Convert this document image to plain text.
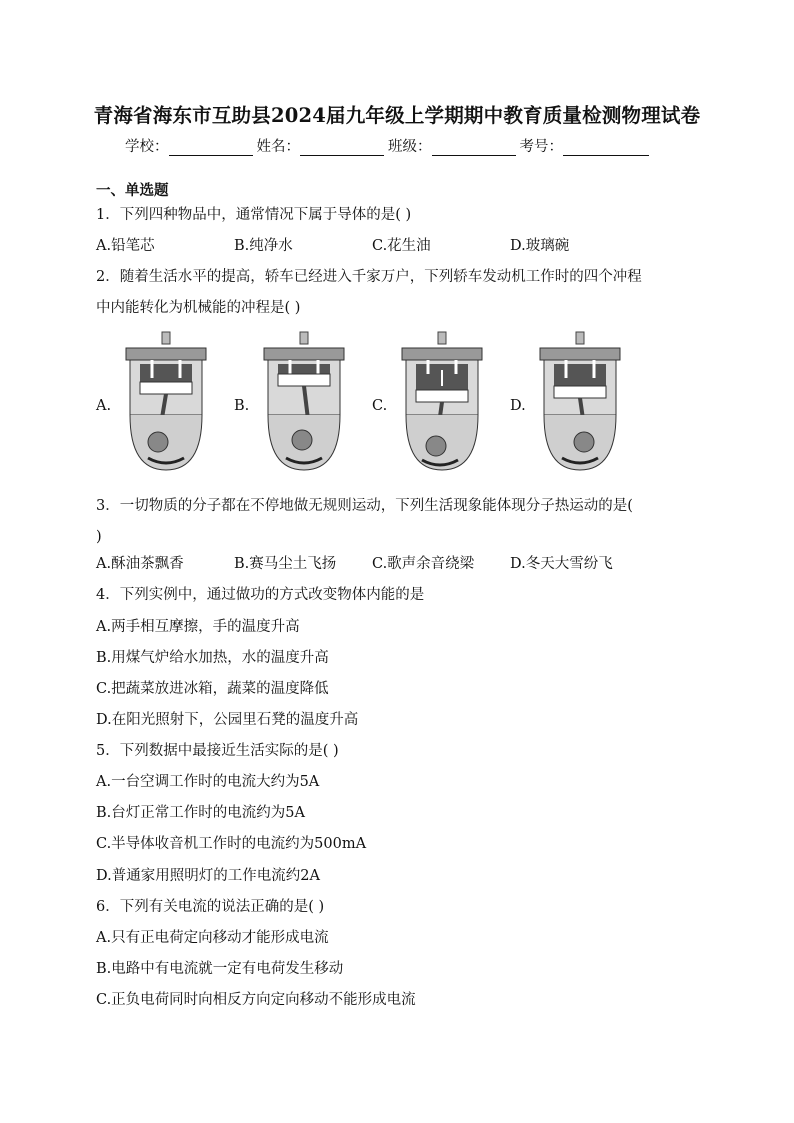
青海省海东市互助县2024届九年级上学期期中教育质量检测物理试卷
学校：	姓名：	班级：	考号：
一、单选题
1．下列四种物品中，通常情况下属于导体的是( )
A.铅笔芯	B.纯净水	C.花生油	D.玻璃碗
2．随着生活水平的提高，轿车已经进入千家万户，下列轿车发动机工作时的四个冲程
中内能转化为机械能的冲程是( )
A.	B.	C.	D.
3．一切物质的分子都在不停地做无规则运动，下列生活现象能体现分子热运动的是(
)
A.酥油茶飘香	B.赛马尘土飞扬 C.歌声余音绕梁 D.冬天大雪纷飞
4．下列实例中，通过做功的方式改变物体内能的是
A.两手相互摩擦，手的温度升高
B.用煤气炉给水加热，水的温度升高
C.把蔬菜放进冰箱，蔬菜的温度降低
D.在阳光照射下，公园里石凳的温度升高
5．下列数据中最接近生活实际的是( )
A.一台空调工作时的电流大约为5A
B.台灯正常工作时的电流约为5A
C.半导体收音机工作时的电流约为500mA
D.普通家用照明灯的工作电流约2A
6．下列有关电流的说法正确的是( )
A.只有正电荷定向移动才能形成电流
B.电路中有电流就一定有电荷发生移动
C.正负电荷同时向相反方向定向移动不能形成电流
